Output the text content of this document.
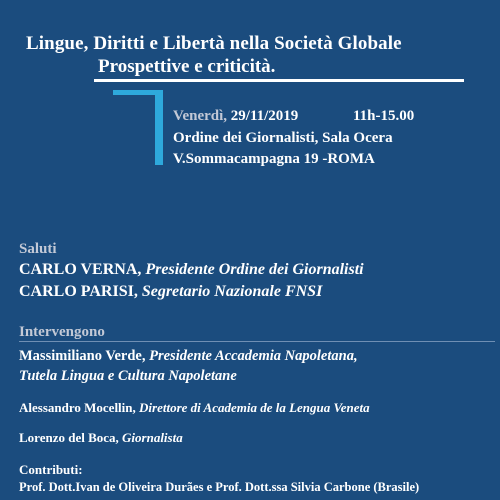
Lingue, Diritti e Libertà nella Società Globale
Prospettive e criticità.
Venerdì, 29/11/2019	11h-15.00
Ordine dei Giornalisti, Sala Ocera
V.Sommacampagna 19 -ROMA
Saluti
CARLO VERNA, Presidente Ordine dei Giornalisti
CARLO PARISI, Segretario Nazionale FNSI
Intervengono
Massimiliano Verde, Presidente Accademia Napoletana,
Tutela Lingua e Cultura Napoletane
Alessandro Mocellin, Direttore di Academia de la Lengua Veneta
Lorenzo del Boca, Giornalista
Contributi:
Prof. Dott.Ivan de Oliveira Durães e Prof. Dott.ssa Silvia Carbone (Brasile)
